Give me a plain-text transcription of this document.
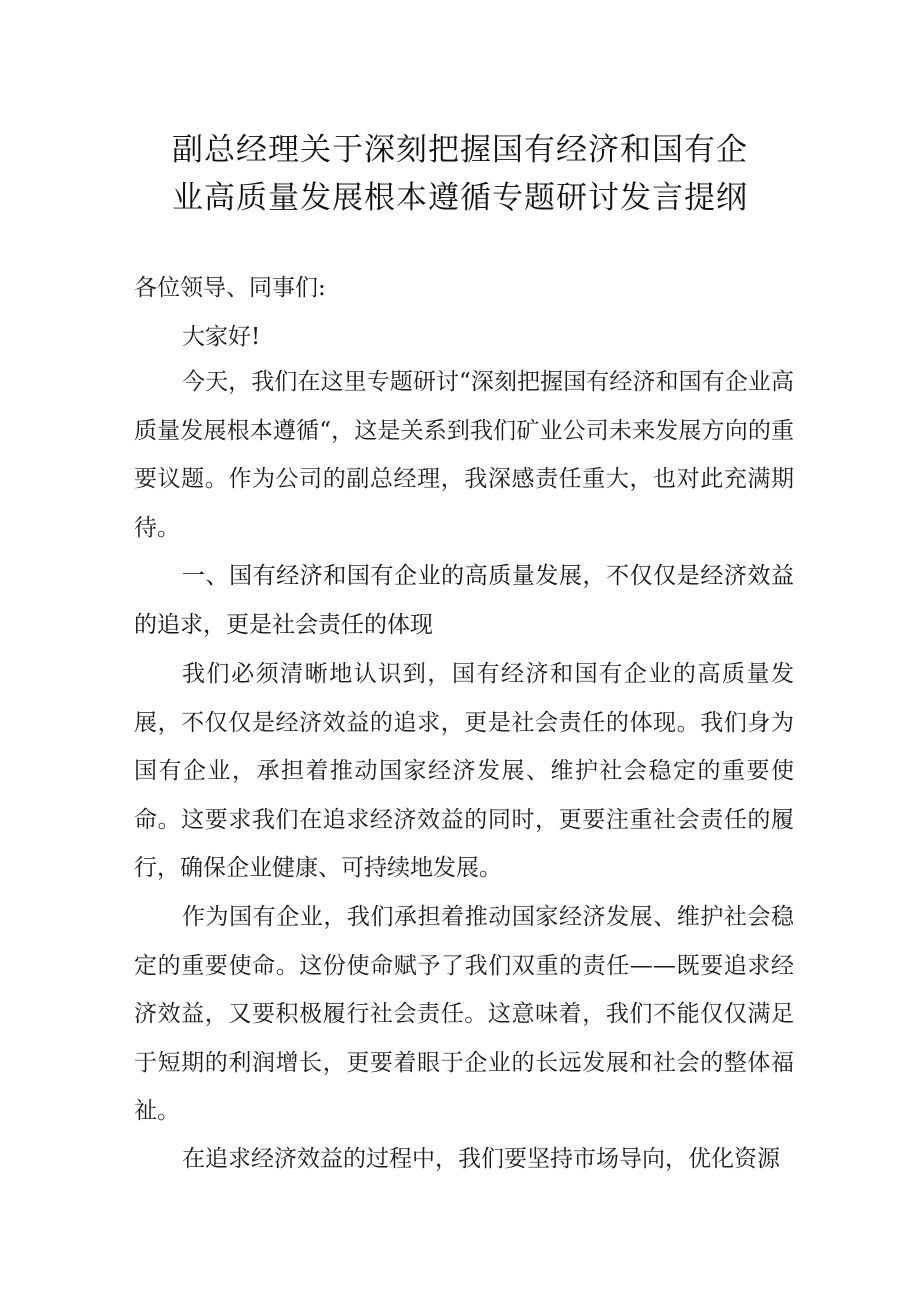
副总经理关于深刻把握国有经济和国有企
业高质量发展根本遵循专题研讨发言提纲
各位领导、同事们:
大家好!
今天，我们在这里专题研讨“深刻把握国有经济和国有企业高质量发展根本遵循“，这是关系到我们矿业公司未来发展方向的重要议题。作为公司的副总经理，我深感责任重大，也对此充满期待。
一、国有经济和国有企业的高质量发展，不仅仅是经济效益的追求，更是社会责任的体现
我们必须清晰地认识到，国有经济和国有企业的高质量发展，不仅仅是经济效益的追求，更是社会责任的体现。我们身为国有企业，承担着推动国家经济发展、维护社会稳定的重要使命。这要求我们在追求经济效益的同时，更要注重社会责任的履行，确保企业健康、可持续地发展。
作为国有企业，我们承担着推动国家经济发展、维护社会稳定的重要使命。这份使命赋予了我们双重的责任——既要追求经济效益，又要积极履行社会责任。这意味着，我们不能仅仅满足于短期的利润增长，更要着眼于企业的长远发展和社会的整体福祉。
在追求经济效益的过程中，我们要坚持市场导向，优化资源
